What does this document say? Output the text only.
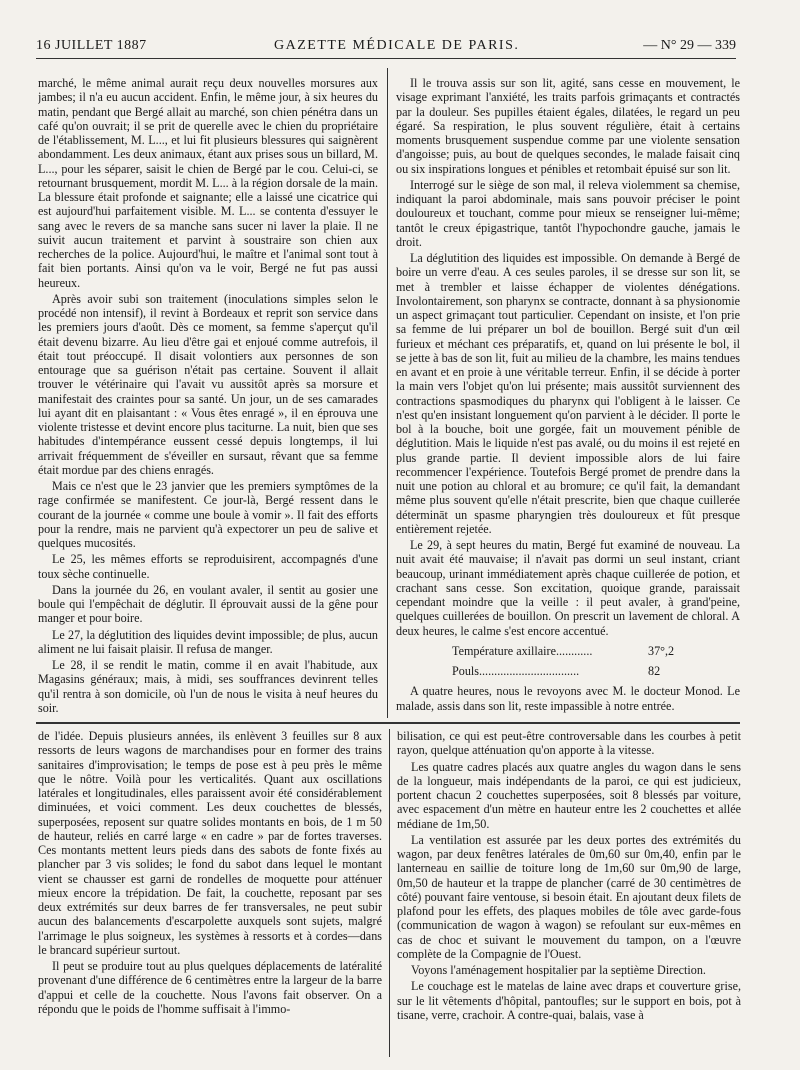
16 JUILLET 1887	GAZETTE MÉDICALE DE PARIS.	— N° 29 — 339

marché, le même animal aurait reçu deux nouvelles morsures aux jambes; il n'a eu aucun accident. Enfin, le même jour, à six heures du matin, pendant que Bergé allait au marché, son chien pénétra dans un café qu'on ouvrait; il se prit de querelle avec le chien du propriétaire de l'établissement, M. L..., et lui fit plusieurs blessures qui saignèrent abondamment. Les deux animaux, étant aux prises sous un billard, M. L..., pour les séparer, saisit le chien de Bergé par le cou. Celui-ci, se retournant brusquement, mordit M. L... à la région dorsale de la main. La blessure était profonde et saignante; elle a laissé une cicatrice qui est aujourd'hui parfaitement visible. M. L... se contenta d'essuyer le sang avec le revers de sa manche sans sucer ni laver la plaie. Il ne suivit aucun traitement et parvint à soustraire son chien aux recherches de la police. Aujourd'hui, le maître et l'animal sont tout à fait bien portants. Ainsi qu'on va le voir, Bergé ne fut pas aussi heureux.

Après avoir subi son traitement (inoculations simples selon le procédé non intensif), il revint à Bordeaux et reprit son service dans les premiers jours d'août. Dès ce moment, sa femme s'aperçut qu'il était devenu bizarre. Au lieu d'être gai et enjoué comme autrefois, il était tout préoccupé. Il disait volontiers aux personnes de son entourage que sa guérison n'était pas certaine. Souvent il allait trouver le vétérinaire qui l'avait vu aussitôt après sa morsure et manifestait des craintes pour sa santé. Un jour, un de ses camarades lui ayant dit en plaisantant : « Vous êtes enragé », il en éprouva une violente tristesse et devint encore plus taciturne. La nuit, bien que ses habitudes d'intempérance eussent cessé depuis longtemps, il lui arrivait fréquemment de s'éveiller en sursaut, rêvant que sa femme était mordue par des chiens enragés.

Mais ce n'est que le 23 janvier que les premiers symptômes de la rage confirmée se manifestent. Ce jour-là, Bergé ressent dans le courant de la journée « comme une boule à vomir ». Il fait des efforts pour la rendre, mais ne parvient qu'à expectorer un peu de salive et quelques mucosités.

Le 25, les mêmes efforts se reproduisirent, accompagnés d'une toux sèche continuelle.

Dans la journée du 26, en voulant avaler, il sentit au gosier une boule qui l'empêchait de déglutir. Il éprouvait aussi de la gêne pour manger et pour boire.

Le 27, la déglutition des liquides devint impossible; de plus, aucun aliment ne lui faisait plaisir. Il refusa de manger.

Le 28, il se rendit le matin, comme il en avait l'habitude, aux Magasins généraux; mais, à midi, ses souffrances devinrent telles qu'il rentra à son domicile, où l'un de nous le visita à neuf heures du soir.

Il le trouva assis sur son lit, agité, sans cesse en mouvement, le visage exprimant l'anxiété, les traits parfois grimaçants et contractés par la douleur. Ses pupilles étaient égales, dilatées, le regard un peu égaré. Sa respiration, le plus souvent régulière, était à certains moments brusquement suspendue comme par une violente sensation d'angoisse; puis, au bout de quelques secondes, le malade faisait cinq ou six inspirations longues et pénibles et retombait épuisé sur son lit.

Interrogé sur le siège de son mal, il releva violemment sa chemise, indiquant la paroi abdominale, mais sans pouvoir préciser le point douloureux et touchant, comme pour mieux se renseigner lui-même; tantôt le creux épigastrique, tantôt l'hypochondre gauche, jamais le droit.

La déglutition des liquides est impossible. On demande à Bergé de boire un verre d'eau. A ces seules paroles, il se dresse sur son lit, se met à trembler et laisse échapper de violentes dénégations. Involontairement, son pharynx se contracte, donnant à sa physionomie un aspect grimaçant tout particulier. Cependant on insiste, et l'on prie sa femme de lui préparer un bol de bouillon. Bergé suit d'un œil furieux et méchant ces préparatifs, et, quand on lui présente le bol, il se jette à bas de son lit, fuit au milieu de la chambre, les mains tendues en avant et en proie à une véritable terreur. Enfin, il se décide à porter la main vers l'objet qu'on lui présente; mais aussitôt surviennent des contractions spasmodiques du pharynx qui l'obligent à le laisser. Ce n'est qu'en insistant longuement qu'on parvient à le décider. Il porte le bol à la bouche, boit une gorgée, fait un mouvement pénible de déglutition. Mais le liquide n'est pas avalé, ou du moins il est rejeté en plus grande partie. Il devient impossible alors de lui faire recommencer l'expérience. Toutefois Bergé promet de prendre dans la nuit une potion au chloral et au bromure; ce qu'il fait, la demandant même plus souvent qu'elle n'était prescrite, bien que chaque cuillerée détermināt un spasme pharyngien très douloureux et fût presque entièrement rejetée.

Le 29, à sept heures du matin, Bergé fut examiné de nouveau. La nuit avait été mauvaise; il n'avait pas dormi un seul instant, criant beaucoup, urinant immédiatement après chaque cuillerée de potion, et crachant sans cesse. Son excitation, quoique grande, paraissait cependant moindre que la veille : il peut avaler, à grand'peine, quelques cuillerées de bouillon. On prescrit un lavement de chloral. A deux heures, le calme s'est encore accentué.

Température axillaire............	37°,2
Pouls.................................	82

A quatre heures, nous le revoyons avec M. le docteur Monod. Le malade, assis dans son lit, reste impassible à notre entrée.

de l'idée. Depuis plusieurs années, ils enlèvent 3 feuilles sur 8 aux ressorts de leurs wagons de marchandises pour en former des trains sanitaires d'improvisation; le temps de pose est à peu près le même que le nôtre. Voilà pour les verticalités. Quant aux oscillations latérales et longitudinales, elles paraissent avoir été considérablement diminuées, et voici comment. Les deux couchettes de blessés, superposées, reposent sur quatre solides montants en bois, de 1 m 50 de hauteur, reliés en carré large « en cadre » par de fortes traverses. Ces montants mettent leurs pieds dans des sabots de fonte fixés au plancher par 3 vis solides; le fond du sabot dans lequel le montant vient se chausser est garni de rondelles de moquette pour atténuer mieux encore la trépidation. De fait, la couchette, reposant par ses deux extrémités sur deux barres de fer transversales, ne peut subir aucun des balancements d'escarpolette auxquels sont sujets, malgré l'arrimage le plus soigneux, les systèmes à ressorts et à cordes—dans le brancard supérieur surtout.

Il peut se produire tout au plus quelques déplacements de latéralité provenant d'une différence de 6 centimètres entre la largeur de la barre d'appui et celle de la couchette. Nous l'avons fait observer. On a répondu que le poids de l'homme suffisait à l'immo-

bilisation, ce qui est peut-être controversable dans les courbes à petit rayon, quelque atténuation qu'on apporte à la vitesse.

Les quatre cadres placés aux quatre angles du wagon dans le sens de la longueur, mais indépendants de la paroi, ce qui est judicieux, portent chacun 2 couchettes superposées, soit 8 blessés par voiture, avec espacement d'un mètre en hauteur entre les 2 couchettes et allée médiane de 1m,50.

La ventilation est assurée par les deux portes des extrémités du wagon, par deux fenêtres latérales de 0m,60 sur 0m,40, enfin par le lanterneau en saillie de toiture long de 1m,60 sur 0m,90 de large, 0m,50 de hauteur et la trappe de plancher (carré de 30 centimètres de côté) pouvant faire ventouse, si besoin était. En ajoutant deux filets de plafond pour les effets, des plaques mobiles de tôle avec garde-fous (communication de wagon à wagon) se refoulant sur eux-mêmes en cas de choc et suivant le mouvement du tampon, on a l'œuvre complète de la Compagnie de l'Ouest.

Voyons l'aménagement hospitalier par la septième Direction.

Le couchage est le matelas de laine avec draps et couverture grise, sur le lit vêtements d'hôpital, pantoufles; sur le support en bois, pot à tisane, verre, crachoir. A contre-quai, balais, vase à
